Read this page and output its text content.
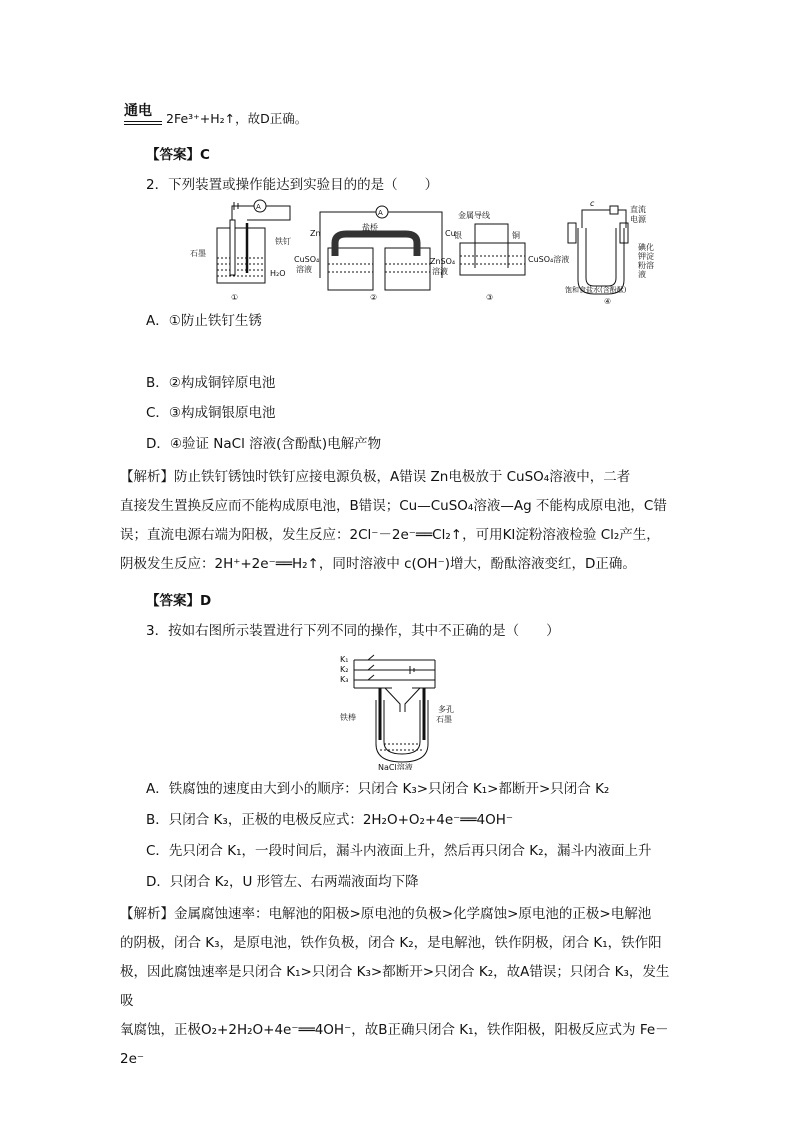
通电	2Fe³⁺+H₂↑，故D正确。
【答案】C
2．下列装置或操作能达到实验目的的是（　　）
石墨
铁钉
H₂O
①
A
Zn
盐桥
Cu
A
CuSO₄
溶液
ZnSO₄
溶液
②
金属导线
银	铜
CuSO₄溶液
③
c
直流
电源
碘化
钾淀
粉溶
液
饱和食盐水(含酚酞)
④
A．①防止铁钉生锈
B．②构成铜锌原电池
C．③构成铜银原电池
D．④验证 NaCl 溶液(含酚酞)电解产物
【解析】防止铁钉锈蚀时铁钉应接电源负极，A错误 Zn电极放于 CuSO₄溶液中，二者
直接发生置换反应而不能构成原电池，B错误；Cu—CuSO₄溶液—Ag 不能构成原电池，C错
误；直流电源右端为阳极，发生反应：2Cl⁻－2e⁻══Cl₂↑，可用KI淀粉溶液检验 Cl₂产生，
阴极发生反应：2H⁺+2e⁻══H₂↑，同时溶液中 c(OH⁻)增大，酚酞溶液变红，D正确。
【答案】D
3．按如右图所示装置进行下列不同的操作，其中不正确的是（　　）
K₁
K₂
K₃
铁棒
多孔
石墨
NaCl溶液
A．铁腐蚀的速度由大到小的顺序：只闭合 K₃>只闭合 K₁>都断开>只闭合 K₂
B．只闭合 K₃，正极的电极反应式：2H₂O+O₂+4e⁻══4OH⁻
C．先只闭合 K₁，一段时间后，漏斗内液面上升，然后再只闭合 K₂，漏斗内液面上升
D．只闭合 K₂，U 形管左、右两端液面均下降
【解析】金属腐蚀速率：电解池的阳极>原电池的负极>化学腐蚀>原电池的正极>电解池
的阴极，闭合 K₃，是原电池，铁作负极，闭合 K₂，是电解池，铁作阴极，闭合 K₁，铁作阳
极，因此腐蚀速率是只闭合 K₁>只闭合 K₃>都断开>只闭合 K₂，故A错误；只闭合 K₃，发生吸
氧腐蚀，正极O₂+2H₂O+4e⁻══4OH⁻，故B正确只闭合 K₁，铁作阳极，阳极反应式为 Fe－2e⁻
